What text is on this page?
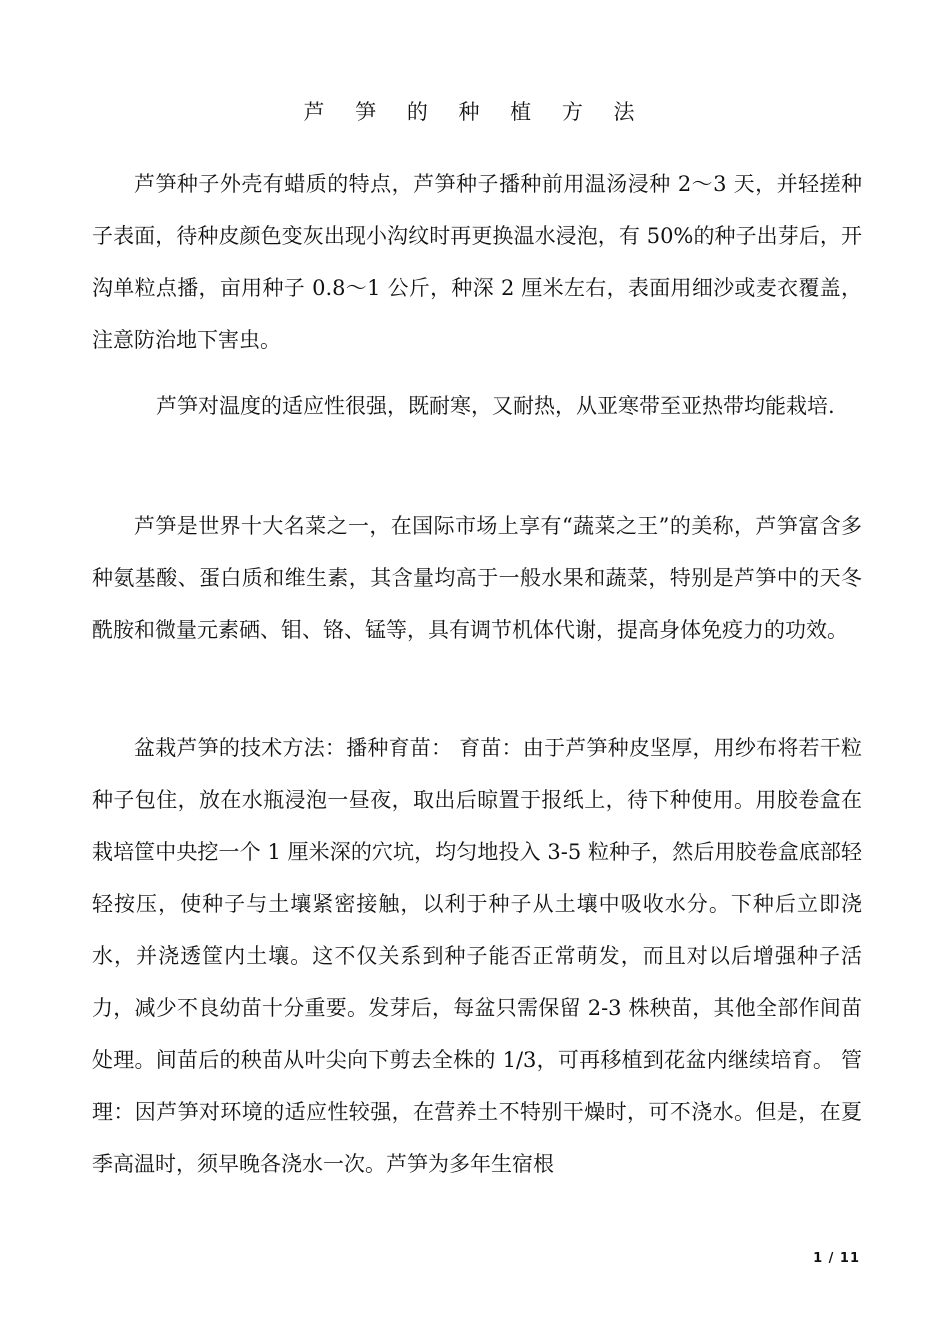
芦 笋 的 种 植 方 法

芦笋种子外壳有蜡质的特点，芦笋种子播种前用温汤浸种 2～3 天，并轻搓种子表面，待种皮颜色变灰出现小沟纹时再更换温水浸泡，有 50%的种子出芽后，开沟单粒点播，亩用种子 0.8～1 公斤，种深 2 厘米左右，表面用细沙或麦衣覆盖，注意防治地下害虫。

芦笋对温度的适应性很强，既耐寒，又耐热，从亚寒带至亚热带均能栽培.

芦笋是世界十大名菜之一，在国际市场上享有“蔬菜之王”的美称，芦笋富含多种氨基酸、蛋白质和维生素，其含量均高于一般水果和蔬菜，特别是芦笋中的天冬酰胺和微量元素硒、钼、铬、锰等，具有调节机体代谢，提高身体免疫力的功效。

盆栽芦笋的技术方法：播种育苗： 育苗：由于芦笋种皮坚厚，用纱布将若干粒种子包住，放在水瓶浸泡一昼夜，取出后晾置于报纸上，待下种使用。用胶卷盒在栽培筐中央挖一个 1 厘米深的穴坑，均匀地投入 3-5 粒种子，然后用胶卷盒底部轻轻按压，使种子与土壤紧密接触，以利于种子从土壤中吸收水分。下种后立即浇水，并浇透筐内土壤。这不仅关系到种子能否正常萌发，而且对以后增强种子活力，减少不良幼苗十分重要。发芽后，每盆只需保留 2-3 株秧苗，其他全部作间苗处理。间苗后的秧苗从叶尖向下剪去全株的 1/3，可再移植到花盆内继续培育。 管理：因芦笋对环境的适应性较强，在营养土不特别干燥时，可不浇水。但是，在夏季高温时，须早晚各浇水一次。芦笋为多年生宿根

1 / 11
